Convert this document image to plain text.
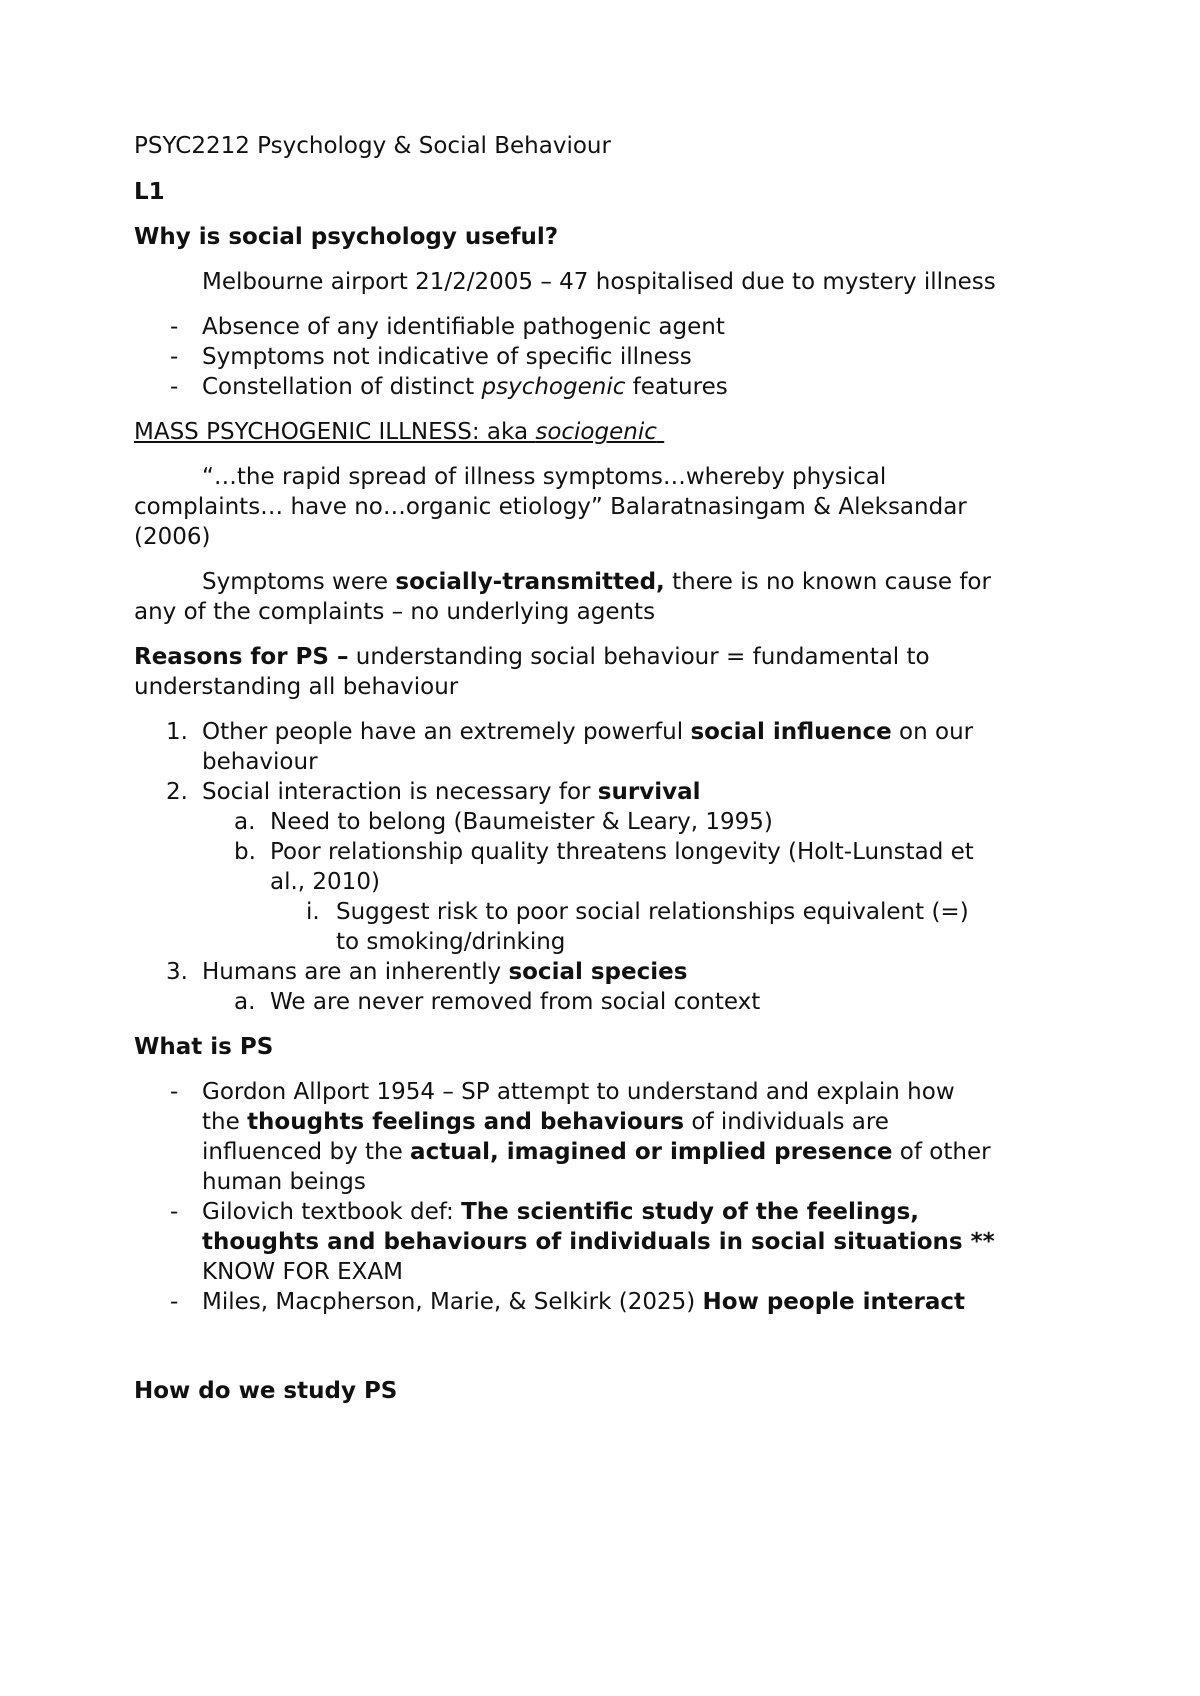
PSYC2212 Psychology & Social Behaviour

L1

Why is social psychology useful?

Melbourne airport 21/2/2005 – 47 hospitalised due to mystery illness

- Absence of any identifiable pathogenic agent

- Symptoms not indicative of specific illness

- Constellation of distinct psychogenic features

MASS PSYCHOGENIC ILLNESS: aka sociogenic

“…the rapid spread of illness symptoms…whereby physical

complaints… have no…organic etiology” Balaratnasingam & Aleksandar

(2006)

Symptoms were socially-transmitted, there is no known cause for

any of the complaints – no underlying agents

Reasons for PS – understanding social behaviour = fundamental to

understanding all behaviour

1. Other people have an extremely powerful social influence on our

behaviour

2. Social interaction is necessary for survival

a. Need to belong (Baumeister & Leary, 1995)

b. Poor relationship quality threatens longevity (Holt-Lunstad et

al., 2010)

i. Suggest risk to poor social relationships equivalent (=)

to smoking/drinking

3. Humans are an inherently social species

a. We are never removed from social context

What is PS

- Gordon Allport 1954 – SP attempt to understand and explain how

the thoughts feelings and behaviours of individuals are

influenced by the actual, imagined or implied presence of other

human beings

- Gilovich textbook def: The scientific study of the feelings,

thoughts and behaviours of individuals in social situations **

KNOW FOR EXAM

- Miles, Macpherson, Marie, & Selkirk (2025) How people interact

How do we study PS
